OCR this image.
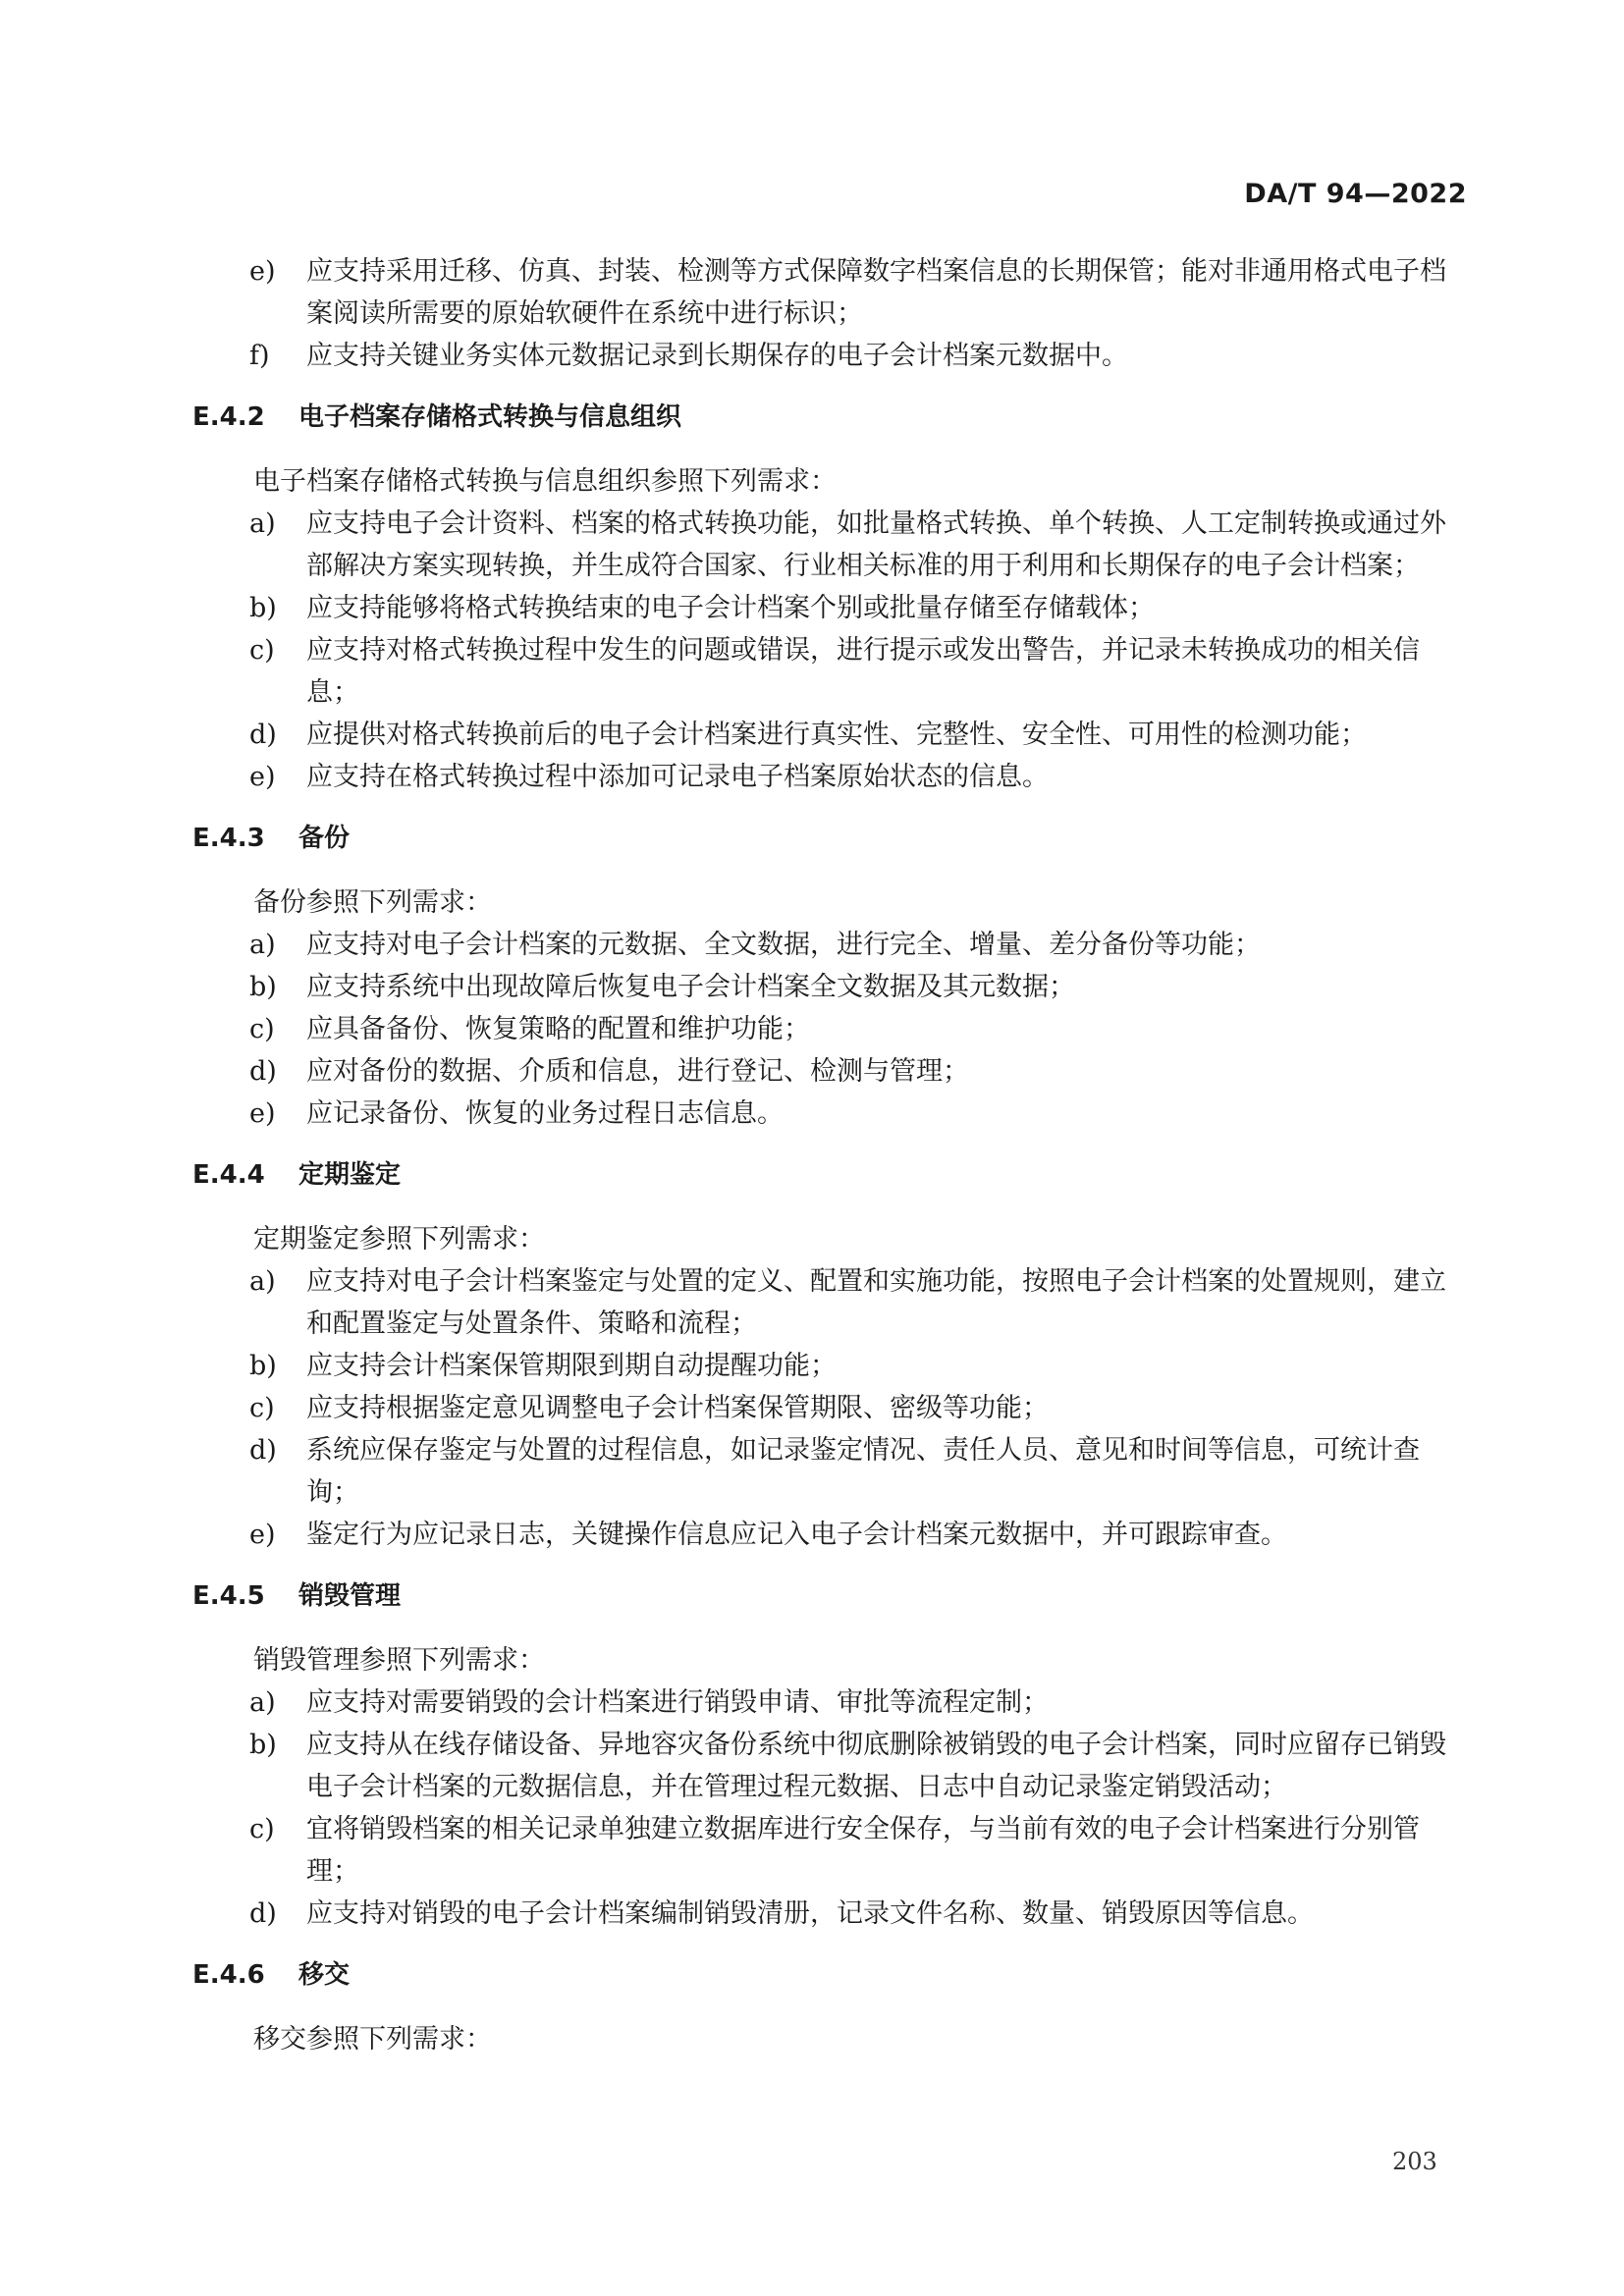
DA/T 94—2022
e) 应支持采用迁移、仿真、封装、检测等方式保障数字档案信息的长期保管；能对非通用格式电子档案阅读所需要的原始软硬件在系统中进行标识；
f) 应支持关键业务实体元数据记录到长期保存的电子会计档案元数据中。
E.4.2	电子档案存储格式转换与信息组织
电子档案存储格式转换与信息组织参照下列需求：
a) 应支持电子会计资料、档案的格式转换功能，如批量格式转换、单个转换、人工定制转换或通过外部解决方案实现转换，并生成符合国家、行业相关标准的用于利用和长期保存的电子会计档案；
b) 应支持能够将格式转换结束的电子会计档案个别或批量存储至存储载体；
c) 应支持对格式转换过程中发生的问题或错误，进行提示或发出警告，并记录未转换成功的相关信息；
d) 应提供对格式转换前后的电子会计档案进行真实性、完整性、安全性、可用性的检测功能；
e) 应支持在格式转换过程中添加可记录电子档案原始状态的信息。
E.4.3	备份
备份参照下列需求：
a) 应支持对电子会计档案的元数据、全文数据，进行完全、增量、差分备份等功能；
b) 应支持系统中出现故障后恢复电子会计档案全文数据及其元数据；
c) 应具备备份、恢复策略的配置和维护功能；
d) 应对备份的数据、介质和信息，进行登记、检测与管理；
e) 应记录备份、恢复的业务过程日志信息。
E.4.4	定期鉴定
定期鉴定参照下列需求：
a) 应支持对电子会计档案鉴定与处置的定义、配置和实施功能，按照电子会计档案的处置规则，建立和配置鉴定与处置条件、策略和流程；
b) 应支持会计档案保管期限到期自动提醒功能；
c) 应支持根据鉴定意见调整电子会计档案保管期限、密级等功能；
d) 系统应保存鉴定与处置的过程信息，如记录鉴定情况、责任人员、意见和时间等信息，可统计查询；
e) 鉴定行为应记录日志，关键操作信息应记入电子会计档案元数据中，并可跟踪审查。
E.4.5	销毁管理
销毁管理参照下列需求：
a) 应支持对需要销毁的会计档案进行销毁申请、审批等流程定制；
b) 应支持从在线存储设备、异地容灾备份系统中彻底删除被销毁的电子会计档案，同时应留存已销毁电子会计档案的元数据信息，并在管理过程元数据、日志中自动记录鉴定销毁活动；
c) 宜将销毁档案的相关记录单独建立数据库进行安全保存，与当前有效的电子会计档案进行分别管理；
d) 应支持对销毁的电子会计档案编制销毁清册，记录文件名称、数量、销毁原因等信息。
E.4.6	移交
移交参照下列需求：
203
